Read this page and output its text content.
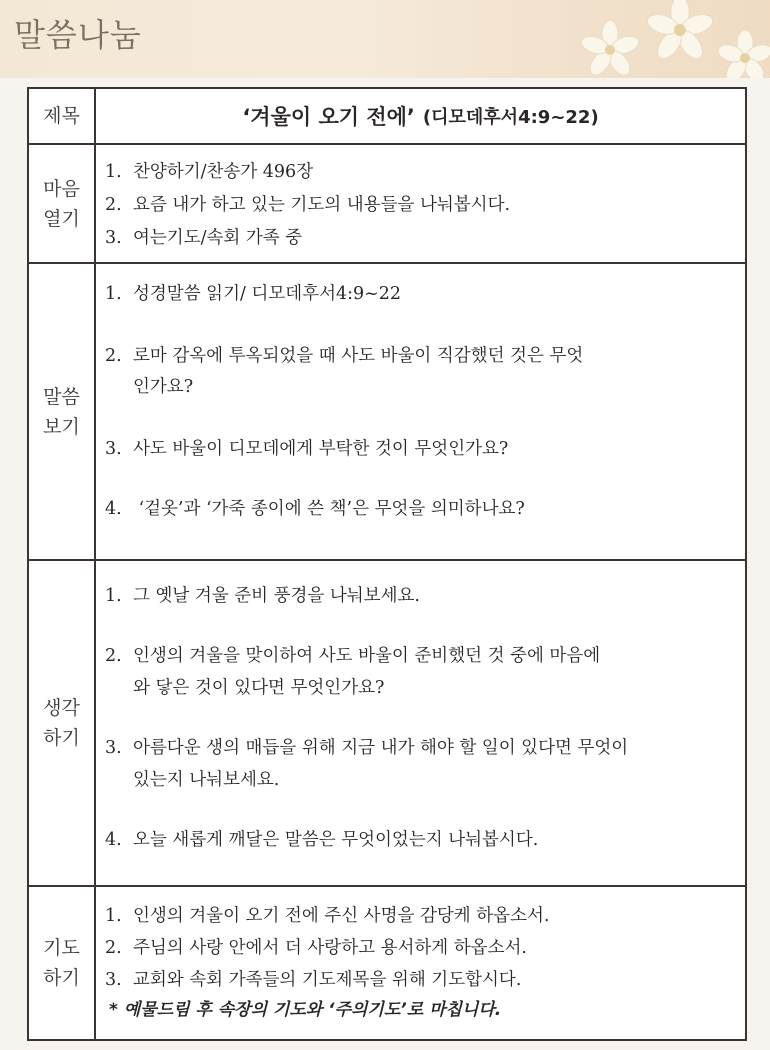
말씀나눔
제목	‘겨울이 오기 전에’ (디모데후서4:9~22)
마음
열기
1. 찬양하기/찬송가 496장
2. 요즘 내가 하고 있는 기도의 내용들을 나눠봅시다.
3. 여는기도/속회 가족 중
말씀
보기
1. 성경말씀 읽기/ 디모데후서4:9~22
2. 로마 감옥에 투옥되었을 때 사도 바울이 직감했던 것은 무엇
인가요?
3. 사도 바울이 디모데에게 부탁한 것이 무엇인가요?
4. ‘겉옷’과 ‘가죽 종이에 쓴 책’은 무엇을 의미하나요?
생각
하기
1. 그 옛날 겨울 준비 풍경을 나눠보세요.
2. 인생의 겨울을 맞이하여 사도 바울이 준비했던 것 중에 마음에
와 닿은 것이 있다면 무엇인가요?
3. 아름다운 생의 매듭을 위해 지금 내가 해야 할 일이 있다면 무엇이
있는지 나눠보세요.
4. 오늘 새롭게 깨달은 말씀은 무엇이었는지 나눠봅시다.
기도
하기
1. 인생의 겨울이 오기 전에 주신 사명을 감당케 하옵소서.
2. 주님의 사랑 안에서 더 사랑하고 용서하게 하옵소서.
3. 교회와 속회 가족들의 기도제목을 위해 기도합시다.
* 예물드림 후 속장의 기도와 ‘주의기도’로 마칩니다.
